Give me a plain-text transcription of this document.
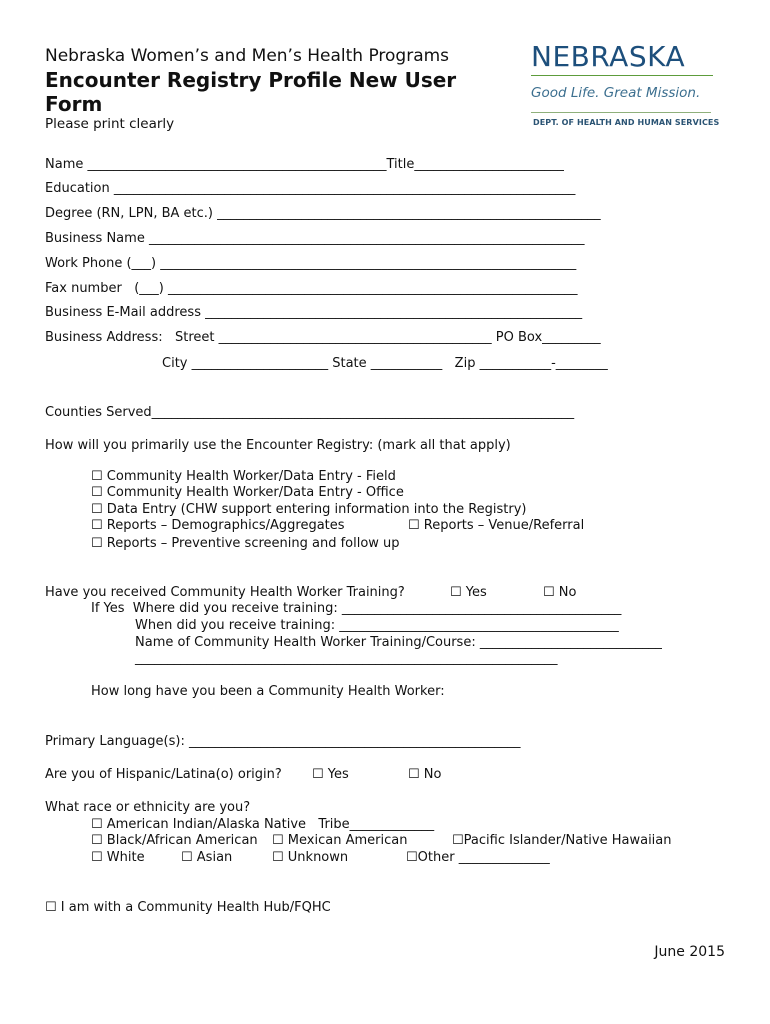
Nebraska Women’s and Men’s Health Programs
Encounter Registry Profile New User
Form
Please print clearly
NEBRASKA
Good Life. Great Mission.
DEPT. OF HEALTH AND HUMAN SERVICES
Name ______________________________________________Title_______________________
Education _______________________________________________________________________
Degree (RN, LPN, BA etc.) ___________________________________________________________
Business Name ___________________________________________________________________
Work Phone (___) ________________________________________________________________
Fax number   (___) _______________________________________________________________
Business E-Mail address __________________________________________________________
Business Address:   Street __________________________________________ PO Box_________
City _____________________ State ___________   Zip ___________-________
Counties Served_________________________________________________________________
How will you primarily use the Encounter Registry: (mark all that apply)
☐ Community Health Worker/Data Entry - Field
☐ Community Health Worker/Data Entry - Office
☐ Data Entry (CHW support entering information into the Registry)
☐ Reports – Demographics/Aggregates	☐ Reports – Venue/Referral
☐ Reports – Preventive screening and follow up
Have you received Community Health Worker Training?	☐ Yes	☐ No
If Yes  Where did you receive training: ___________________________________________
When did you receive training: ___________________________________________
Name of Community Health Worker Training/Course: ____________________________
_________________________________________________________________
How long have you been a Community Health Worker:
Primary Language(s): ___________________________________________________
Are you of Hispanic/Latina(o) origin? ☐ Yes	☐ No
What race or ethnicity are you?
☐ American Indian/Alaska Native   Tribe_____________
☐ Black/African American ☐ Mexican American	☐Pacific Islander/Native Hawaiian
☐ White	☐ Asian	☐ Unknown	☐Other ______________
☐ I am with a Community Health Hub/FQHC
June 2015
